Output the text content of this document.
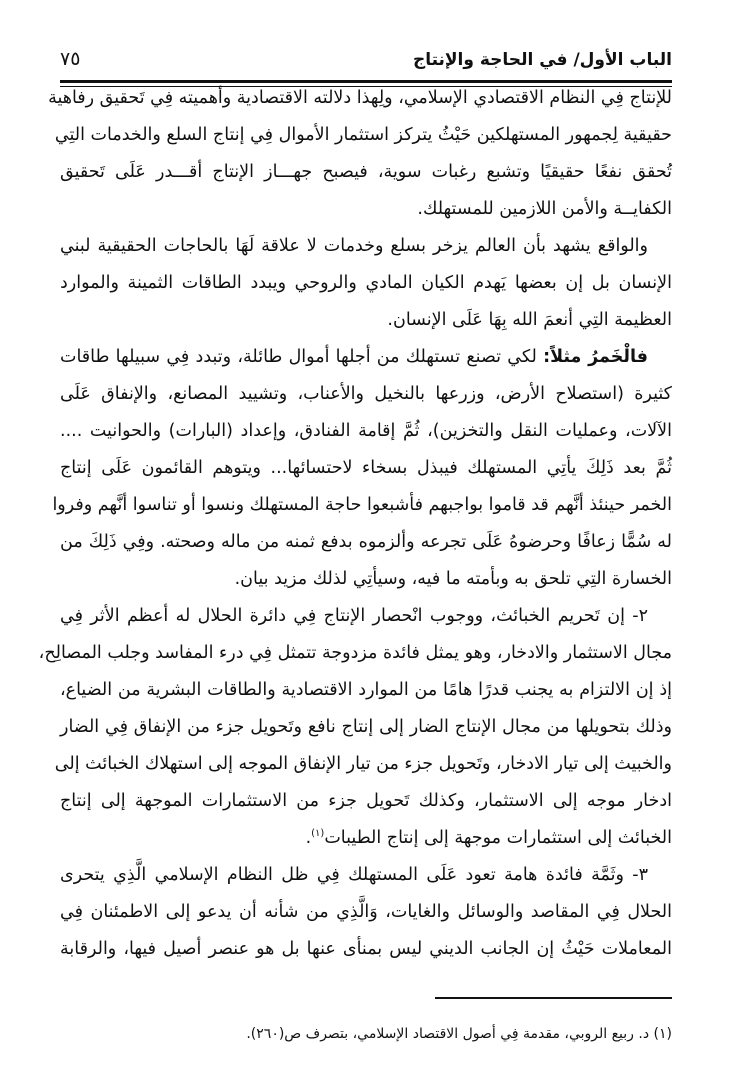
الباب الأول/ في الحاجة والإنتاج
٧٥
للإنتاج فِي النظام الاقتصادي الإسلامي، ولِهذا دلالته الاقتصادية وأهميته فِي تَحقيق رفاهية
حقيقية لِجمهور المستهلكين حَيْثُ يتركز استثمار الأموال فِي إنتاج السلع والخدمات التِي
تُحقق نفعًا حقيقيًا وتشبع رغبات سوية، فيصبح جهـــاز الإنتاج أقـــدر عَلَى تَحقيق
الكفايــة والأمن اللازمين للمستهلك.
والواقع يشهد بأن العالم يزخر بسلع وخدمات لا علاقة لَهَا بالحاجات الحقيقية لبني
الإنسان بل إن بعضها يَهدم الكيان المادي والروحي ويبدد الطاقات الثمينة والموارد
العظيمة التِي أنعمَ الله بِهَا عَلَى الإنسان.
فالْخَمرُ مثلاً: لكي تصنع تستهلك من أجلها أموال طائلة، وتبدد فِي سبيلها طاقات
كثيرة (استصلاح الأرض، وزرعها بالنخيل والأعناب، وتشييد المصانع، والإنفاق عَلَى
الآلات، وعمليات النقل والتخزين)، ثُمَّ إقامة الفنادق، وإعداد (البارات) والحوانيت ....
ثُمَّ بعد ذَلِكَ يأتِي المستهلك فيبذل بسخاء لاحتسائها... ويتوهم القائمون عَلَى إنتاج
الخمر حينئذ أنَّهم قد قاموا بواجبهم فأشبعوا حاجة المستهلك ونسوا أو تناسوا أنَّهم وفروا
له سُمًّا زعافًا وحرضوهُ عَلَى تجرعه وألزموه بدفع ثمنه من ماله وصحته. وفِي ذَلِكَ من
الخسارة التِي تلحق به وبأمته ما فيه، وسيأتِي لذلك مزيد بيان.
٢- إن تَحريم الخبائث، ووجوب انْحصار الإنتاج فِي دائرة الحلال له أعظم الأثر فِي
مجال الاستثمار والادخار، وهو يمثل فائدة مزدوجة تتمثل فِي درء المفاسد وجلب المصالِح،
إذ إن الالتزام به يجنب قدرًا هامًا من الموارد الاقتصادية والطاقات البشرية من الضياع،
وذلك بتحويلها من مجال الإنتاج الضار إلى إنتاج نافع وتَحويل جزء من الإنفاق فِي الضار
والخبيث إلى تيار الادخار، وتَحويل جزء من تيار الإنفاق الموجه إلى استهلاك الخبائث إلى
ادخار موجه إلى الاستثمار، وكذلك تَحويل جزء من الاستثمارات الموجهة إلى إنتاج
الخبائث إلى استثمارات موجهة إلى إنتاج الطيبات$^{(١)}$.
٣- وثَمَّة فائدة هامة تعود عَلَى المستهلك فِي ظل النظام الإسلامي الَّذِي يتحرى
الحلال فِي المقاصد والوسائل والغايات، وَالَّذِي من شأنه أن يدعو إلى الاطمئنان فِي
المعاملات حَيْثُ إن الجانب الديني ليس بمنأى عنها بل هو عنصر أصيل فيها، والرقابة
(١) د. ربيع الروبي، مقدمة فِي أصول الاقتصاد الإسلامي، بتصرف ص(٢٦٠).
